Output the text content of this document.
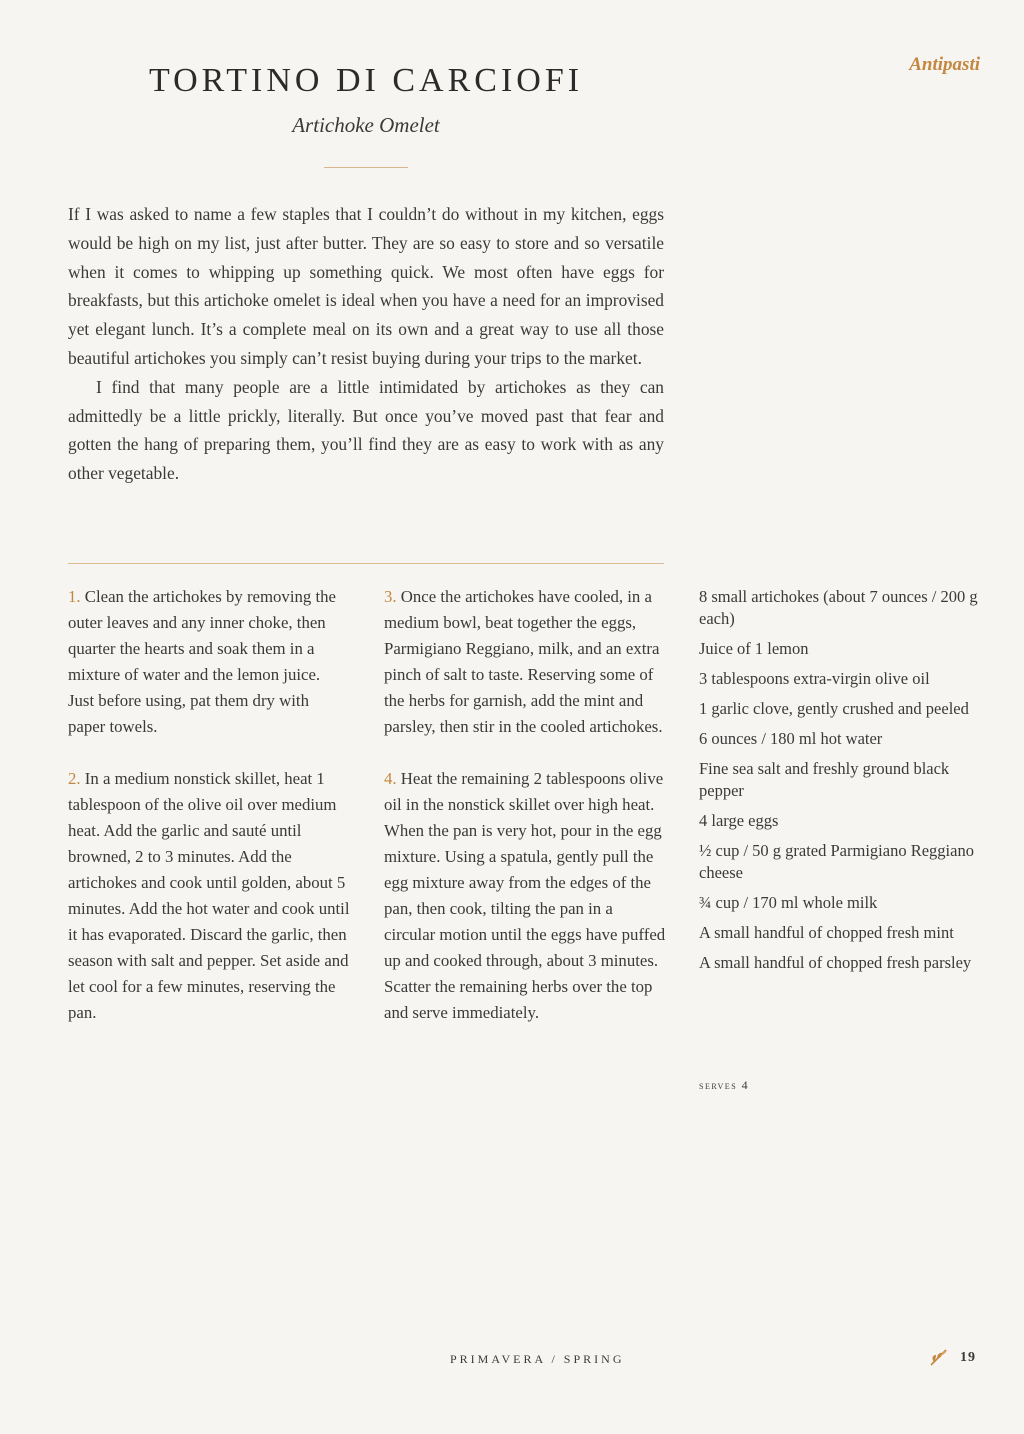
Antipasti
TORTINO DI CARCIOFI
Artichoke Omelet

If I was asked to name a few staples that I couldn’t do without in my kitchen, eggs would be high on my list, just after butter. They are so easy to store and so versatile when it comes to whipping up something quick. We most often have eggs for breakfasts, but this artichoke omelet is ideal when you have a need for an improvised yet elegant lunch. It’s a complete meal on its own and a great way to use all those beautiful artichokes you simply can’t resist buying during your trips to the market.

I find that many people are a little intimidated by artichokes as they can admittedly be a little prickly, literally. But once you’ve moved past that fear and gotten the hang of preparing them, you’ll find they are as easy to work with as any other vegetable.

1. Clean the artichokes by removing the outer leaves and any inner choke, then quarter the hearts and soak them in a mixture of water and the lemon juice. Just before using, pat them dry with paper towels.

2. In a medium nonstick skillet, heat 1 tablespoon of the olive oil over medium heat. Add the garlic and sauté until browned, 2 to 3 minutes. Add the artichokes and cook until golden, about 5 minutes. Add the hot water and cook until it has evaporated. Discard the garlic, then season with salt and pepper. Set aside and let cool for a few minutes, reserving the pan.

3. Once the artichokes have cooled, in a medium bowl, beat together the eggs, Parmigiano Reggiano, milk, and an extra pinch of salt to taste. Reserving some of the herbs for garnish, add the mint and parsley, then stir in the cooled artichokes.

4. Heat the remaining 2 tablespoons olive oil in the nonstick skillet over high heat. When the pan is very hot, pour in the egg mixture. Using a spatula, gently pull the egg mixture away from the edges of the pan, then cook, tilting the pan in a circular motion until the eggs have puffed up and cooked through, about 3 minutes. Scatter the remaining herbs over the top and serve immediately.

8 small artichokes (about 7 ounces / 200 g each)
Juice of 1 lemon
3 tablespoons extra-virgin olive oil
1 garlic clove, gently crushed and peeled
6 ounces / 180 ml hot water
Fine sea salt and freshly ground black pepper
4 large eggs
½ cup / 50 g grated Parmigiano Reggiano cheese
¾ cup / 170 ml whole milk
A small handful of chopped fresh mint
A small handful of chopped fresh parsley
serves 4
PRIMAVERA / SPRING	19
